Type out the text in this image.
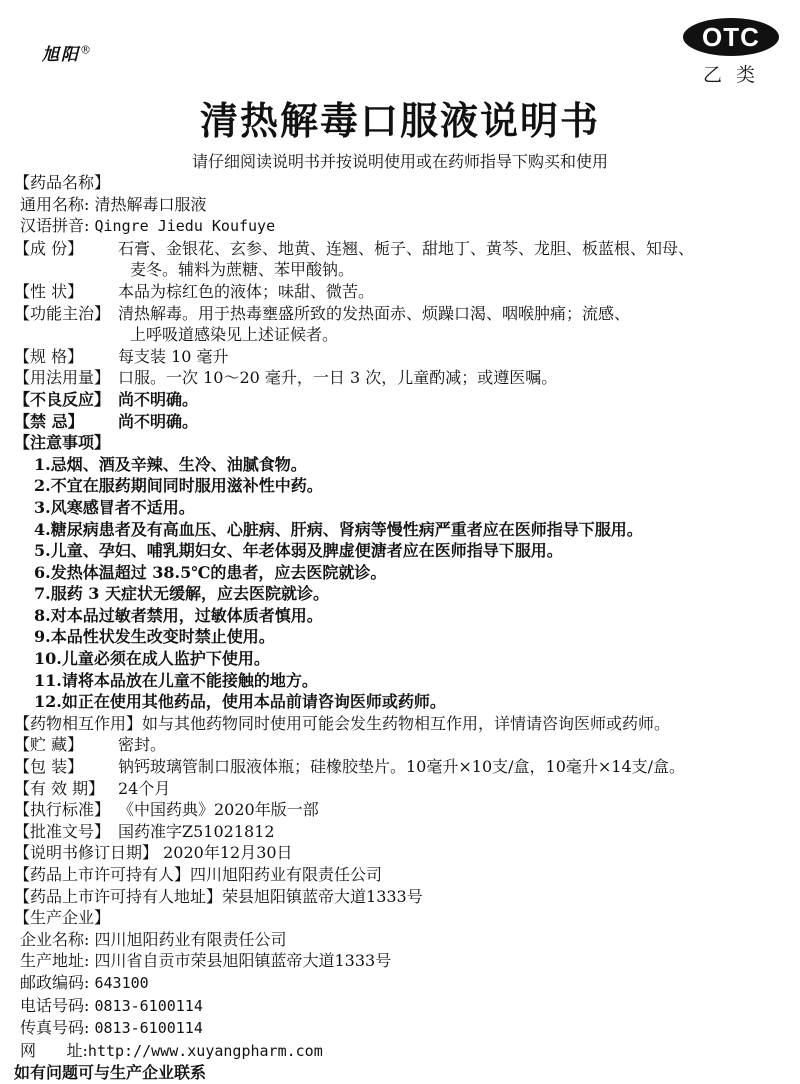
旭阳®	OTC
乙 类
清热解毒口服液说明书
请仔细阅读说明书并按说明使用或在药师指导下购买和使用
【药品名称】
通用名称: 清热解毒口服液
汉语拼音: Qingre Jiedu Koufuye
【成 份】 石膏、金银花、玄参、地黄、连翘、栀子、甜地丁、黄芩、龙胆、板蓝根、知母、
麦冬。辅料为蔗糖、苯甲酸钠。
【性 状】 本品为棕红色的液体；味甜、微苦。
【功能主治】 清热解毒。用于热毒壅盛所致的发热面赤、烦躁口渴、咽喉肿痛；流感、
上呼吸道感染见上述证候者。
【规 格】 每支装 10 毫升
【用法用量】 口服。一次 10～20 毫升，一日 3 次，儿童酌减；或遵医嘱。
【不良反应】 尚不明确。
【禁 忌】 尚不明确。
【注意事项】
1.忌烟、酒及辛辣、生冷、油腻食物。
2.不宜在服药期间同时服用滋补性中药。
3.风寒感冒者不适用。
4.糖尿病患者及有高血压、心脏病、肝病、肾病等慢性病严重者应在医师指导下服用。
5.儿童、孕妇、哺乳期妇女、年老体弱及脾虚便溏者应在医师指导下服用。
6.发热体温超过 38.5℃的患者，应去医院就诊。
7.服药 3 天症状无缓解，应去医院就诊。
8.对本品过敏者禁用，过敏体质者慎用。
9.本品性状发生改变时禁止使用。
10.儿童必须在成人监护下使用。
11.请将本品放在儿童不能接触的地方。
12.如正在使用其他药品，使用本品前请咨询医师或药师。
【药物相互作用】如与其他药物同时使用可能会发生药物相互作用，详情请咨询医师或药师。
【贮 藏】 密封。
【包 装】 钠钙玻璃管制口服液体瓶；硅橡胶垫片。10毫升×10支/盒，10毫升×14支/盒。
【有 效 期】 24个月
【执行标准】 《中国药典》2020年版一部
【批准文号】 国药准字Z51021812
【说明书修订日期】 2020年12月30日
【药品上市许可持有人】四川旭阳药业有限责任公司
【药品上市许可持有人地址】荣县旭阳镇蓝帝大道1333号
【生产企业】
企业名称: 四川旭阳药业有限责任公司
生产地址: 四川省自贡市荣县旭阳镇蓝帝大道1333号
邮政编码: 643100
电话号码: 0813-6100114
传真号码: 0813-6100114
网      址:http://www.xuyangpharm.com
如有问题可与生产企业联系
